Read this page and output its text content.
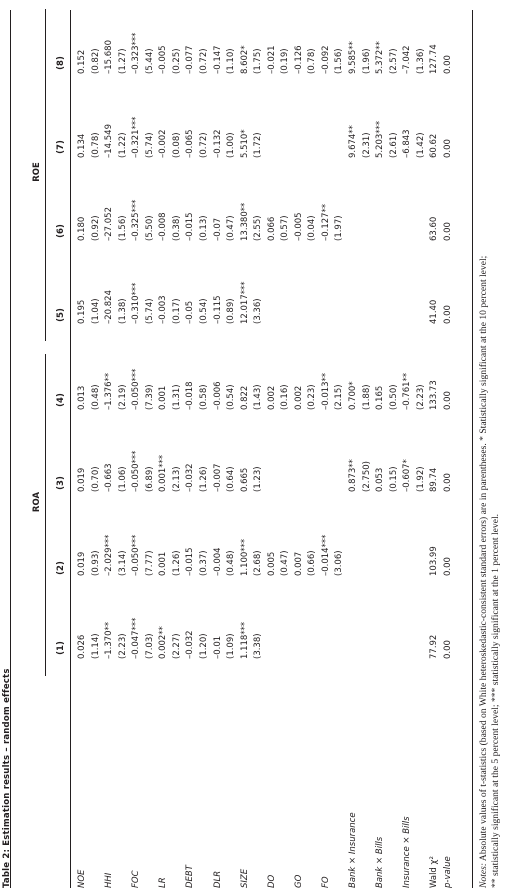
Table 2: Estimation results – random effects
ROA
ROE
(1)
(2)
(3)
(4)
(5)
(6)
(7)
(8)
NOE
0.026
0.019
0.019
0.013
0.195
0.180
0.134
0.152
(1.14)
(0.93)
(0.70)
(0.48)
(1.04)
(0.92)
(0.78)
(0.82)
HHI
–1.370**
–2.029***
–0.663
–1.376**
–20.824
–27.052
–14.549
–15.680
(2.23)
(3.14)
(1.06)
(2.19)
(1.38)
(1.56)
(1.22)
(1.27)
FOC
–0.047***
–0.050***
–0.050***
–0.050***
–0.310***
–0.325***
–0.321***
–0.323***
(7.03)
(7.77)
(6.89)
(7.39)
(5.74)
(5.50)
(5.74)
(5.44)
LR
0.002**
0.001
0.001***
0.001
–0.003
–0.008
–0.002
–0.005
(2.27)
(1.26)
(2.13)
(1.31)
(0.17)
(0.38)
(0.08)
(0.25)
DEBT
–0.032
–0.015
–0.032
–0.018
–0.05
–0.015
–0.065
–0.077
(1.20)
(0.37)
(1.26)
(0.58)
(0.54)
(0.13)
(0.72)
(0.72)
DLR
–0.01
–0.004
–0.007
–0.006
–0.115
–0.07
–0.132
–0.147
(1.09)
(0.48)
(0.64)
(0.54)
(0.89)
(0.47)
(1.00)
(1.10)
SIZE
1.118***
1.100***
0.665
0.822
12.017***
13.380**
5.510*
8.602*
(3.38)
(2.68)
(1.23)
(1.43)
(3.36)
(2.55)
(1.72)
(1.75)
DO
0.005
0.002
0.066
–0.021
(0.47)
(0.16)
(0.57)
(0.19)
GO
0.007
0.002
–0.005
–0.126
(0.66)
(0.23)
(0.04)
(0.78)
FO
–0.014***
–0.013**
–0.127**
–0.092
(3.06)
(2.15)
(1.97)
(1.56)
Bank × Insurance
0.873**
0.700*
9.674**
9.585**
(2.750)
(1.88)
(2.31)
(1.96)
Bank × Bills
0.053
0.165
5.203***
5.372**
(0.15)
(0.50)
(2.61)
(2.57)
Insurance × Bills
–0.607*
–0.761**
–6.843
–7.042
(1.92)
(2.23)
(1.42)
(1.36)
Wald χ²
77.92
103.99
89.74
133.73
41.40
63.60
60.62
127.74
p-value
0.00
0.00
0.00
0.00
0.00
0.00
0.00
0.00
Notes: Absolute values of t-statistics (based on White heteroskedastic-consistent standard errors) are in parentheses. * Statistically significant at the 10 percent level; ** statistically significant at the 5 percent level; *** statistically significant at the 1 percent level.
